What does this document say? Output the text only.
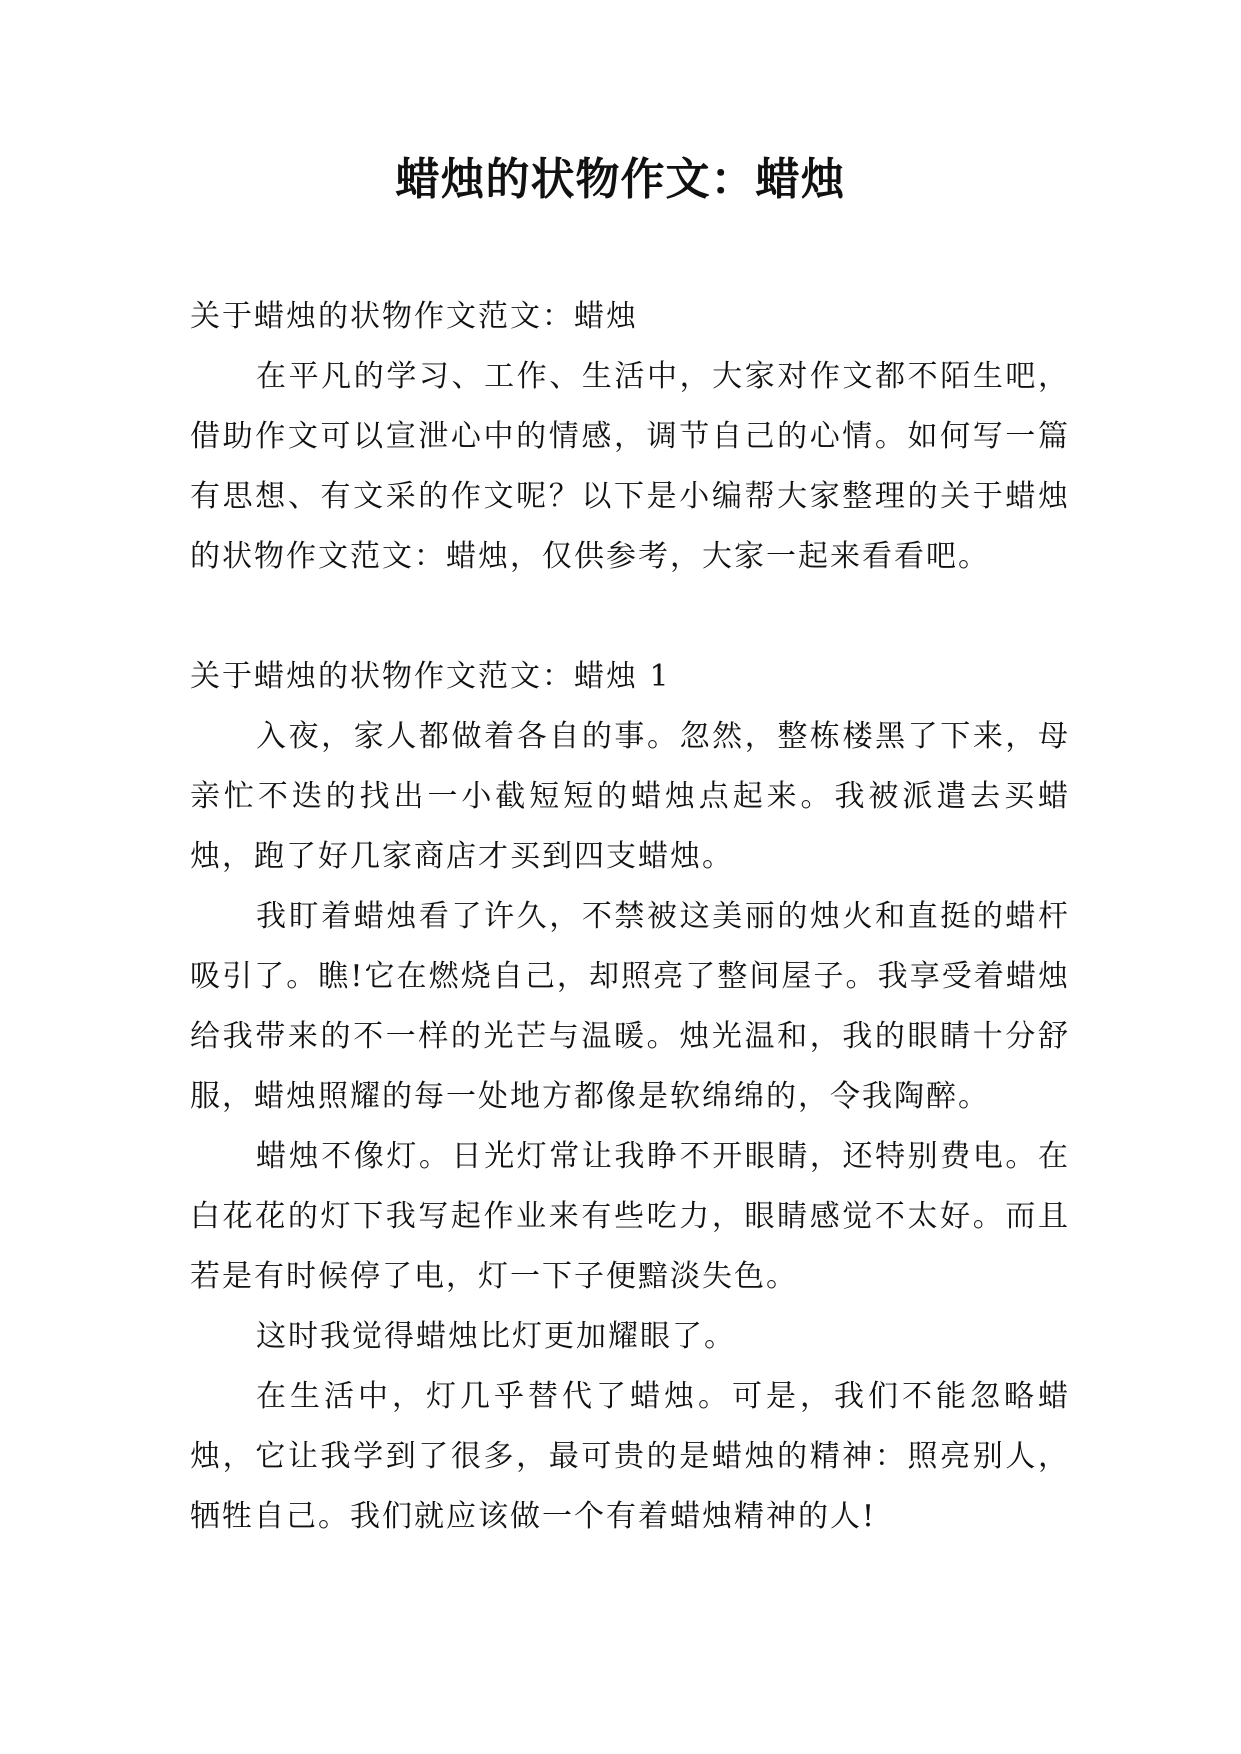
蜡烛的状物作文：蜡烛

关于蜡烛的状物作文范文：蜡烛

在平凡的学习、工作、生活中，大家对作文都不陌生吧，借助作文可以宣泄心中的情感，调节自己的心情。如何写一篇有思想、有文采的作文呢？以下是小编帮大家整理的关于蜡烛的状物作文范文：蜡烛，仅供参考，大家一起来看看吧。

关于蜡烛的状物作文范文：蜡烛 1

入夜，家人都做着各自的事。忽然，整栋楼黑了下来，母亲忙不迭的找出一小截短短的蜡烛点起来。我被派遣去买蜡烛，跑了好几家商店才买到四支蜡烛。

我盯着蜡烛看了许久，不禁被这美丽的烛火和直挺的蜡杆吸引了。瞧!它在燃烧自己，却照亮了整间屋子。我享受着蜡烛给我带来的不一样的光芒与温暖。烛光温和，我的眼睛十分舒服，蜡烛照耀的每一处地方都像是软绵绵的，令我陶醉。

蜡烛不像灯。日光灯常让我睁不开眼睛，还特别费电。在白花花的灯下我写起作业来有些吃力，眼睛感觉不太好。而且若是有时候停了电，灯一下子便黯淡失色。

这时我觉得蜡烛比灯更加耀眼了。

在生活中，灯几乎替代了蜡烛。可是，我们不能忽略蜡烛，它让我学到了很多，最可贵的是蜡烛的精神：照亮别人，牺牲自己。我们就应该做一个有着蜡烛精神的人!
